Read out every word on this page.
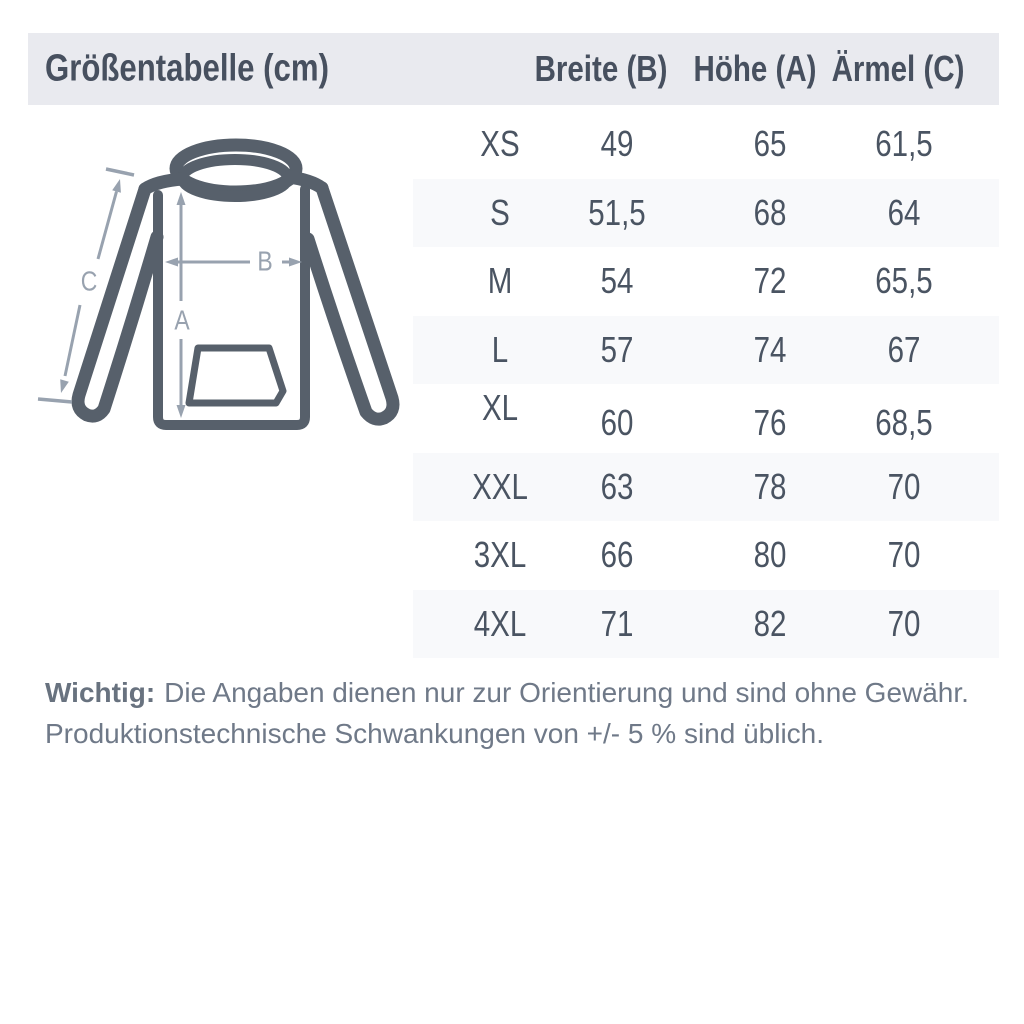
Größentabelle (cm)	Breite (B) Höhe (A) Ärmel (C)
A
B
C
XS 49	65 61,5
S 51,5	68	64
M 54	72 65,5
L	57	74	67
XL 60	76 68,5
XXL 63	78	70
3XL 66	80	70
4XL 71	82	70
Wichtig: Die Angaben dienen nur zur Orientierung und sind ohne Gewähr.
Produktionstechnische Schwankungen von +/- 5 % sind üblich.
